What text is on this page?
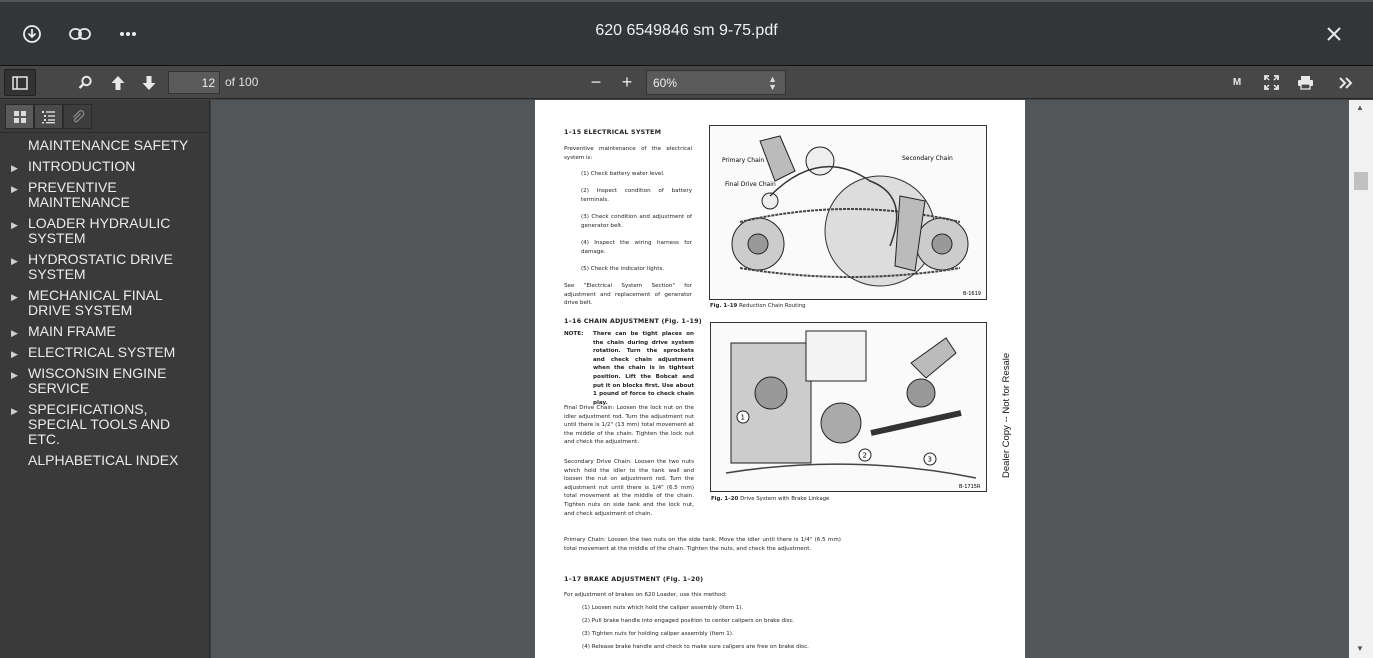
620 6549846 sm 9-75.pdf
12
of 100	− +	60%	▲
▼	M
MAINTENANCE SAFETY
▶ INTRODUCTION
▶ PREVENTIVE MAINTENANCE
▶ LOADER HYDRAULIC SYSTEM
▶ HYDROSTATIC DRIVE SYSTEM
▶ MECHANICAL FINAL DRIVE SYSTEM
▶ MAIN FRAME
▶ ELECTRICAL SYSTEM
▶ WISCONSIN ENGINE SERVICE
▶ SPECIFICATIONS, SPECIAL TOOLS AND ETC.
ALPHABETICAL INDEX
1–15 ELECTRICAL SYSTEM
Preventive maintenance of the electrical system is:
(1) Check battery water level.
(2) Inspect condition of battery terminals.
(3) Check condition and adjustment of generator belt.
(4) Inspect the wiring harness for damage.
(5) Check the indicator lights.
See "Electrical System Section" for adjustment and replacement of generator drive belt.
1–16 CHAIN ADJUSTMENT (Fig. 1–19)
NOTE: There can be tight places on the chain during drive system rotation. Turn the sprockets and check chain adjustment when the chain is in tightest position. Lift the Bobcat and put it on blocks first. Use about 1 pound of force to check chain play.
Final Drive Chain: Loosen the lock nut on the idler adjustment rod. Turn the adjustment nut until there is 1/2" (13 mm) total movement at the middle of the chain. Tighten the lock nut and check the adjustment.
Secondary Drive Chain: Loosen the two nuts which hold the idler to the tank wall and loosen the nut on adjustment rod. Turn the adjustment nut until there is 1/4" (6.5 mm) total movement at the middle of the chain. Tighten nuts on side tank and the lock nut, and check adjustment of chain.
Primary Chain: Loosen the two nuts on the side tank. Move the idler until there is 1/4" (6.5 mm) total movement at the middle of the chain. Tighten the nuts, and check the adjustment.
1–17 BRAKE ADJUSTMENT (Fig. 1–20)
For adjustment of brakes on 620 Loader, use this method:
(1) Loosen nuts which hold the caliper assembly (Item 1).
(2) Pull brake handle into engaged position to center calipers on brake disc.
(3) Tighten nuts for holding caliper assembly (Item 1).
(4) Release brake handle and check to make sure calipers are free on brake disc.
Primary Chain	Secondary Chain
Final Drive Chain
B-1619
Fig. 1–19 Reduction Chain Routing
1
2	3
B-1715R
Fig. 1–20 Drive System with Brake Linkage
Dealer Copy -- Not for Resale
▲
▼
